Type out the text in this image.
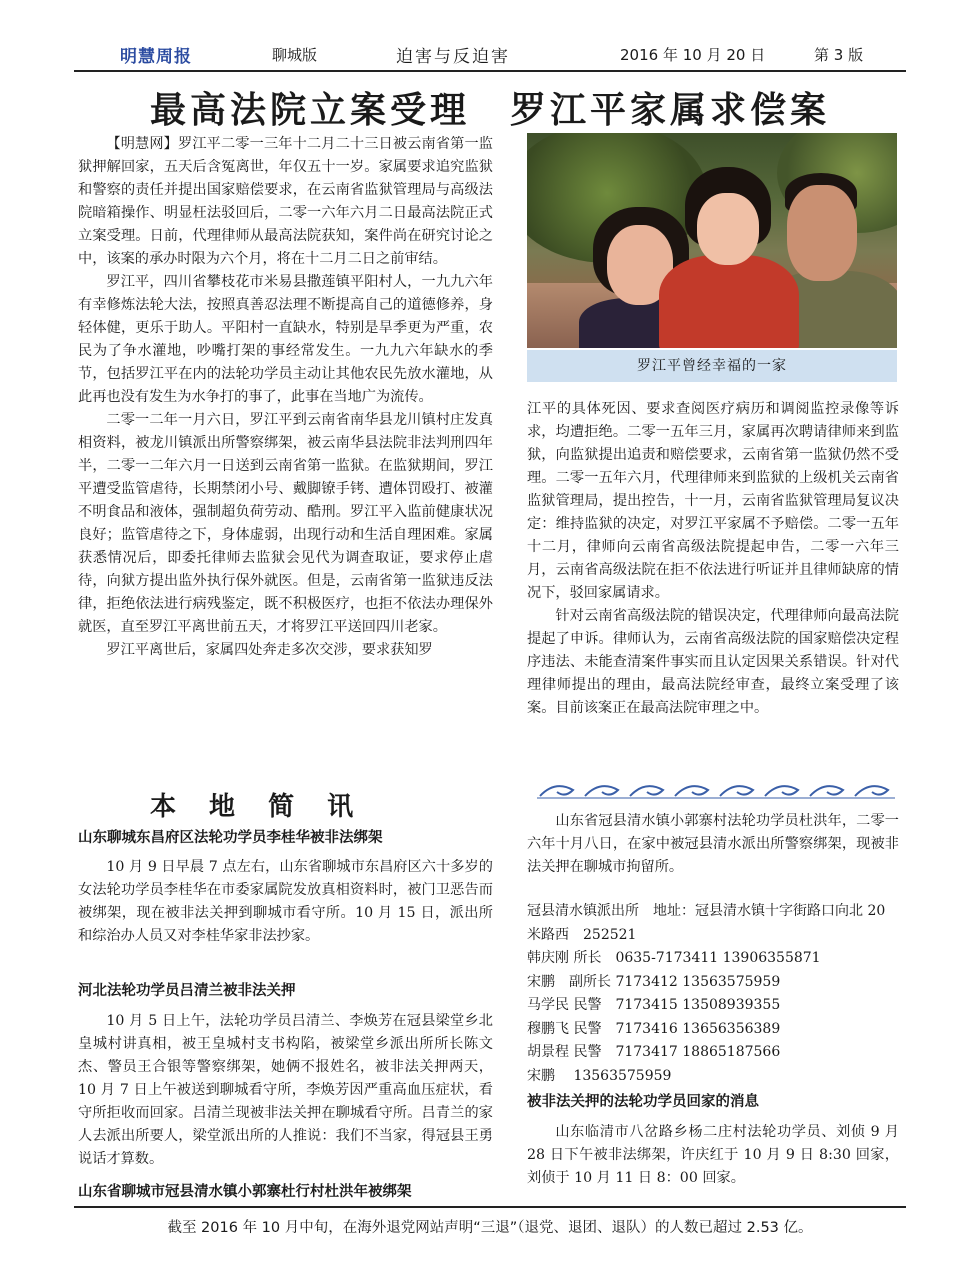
明慧周报	聊城版	迫害与反迫害	2016 年 10 月 20 日	第 3 版
最高法院立案受理　罗江平家属求偿案

【明慧网】罗江平二零一三年十二月二十三日被云南省第一监狱押解回家，五天后含冤离世，年仅五十一岁。家属要求追究监狱和警察的责任并提出国家赔偿要求，在云南省监狱管理局与高级法院暗箱操作、明显枉法驳回后，二零一六年六月二日最高法院正式立案受理。日前，代理律师从最高法院获知，案件尚在研究讨论之中，该案的承办时限为六个月，将在十二月二日之前审结。

罗江平，四川省攀枝花市米易县撒莲镇平阳村人，一九九六年有幸修炼法轮大法，按照真善忍法理不断提高自己的道德修养，身轻体健，更乐于助人。平阳村一直缺水，特别是旱季更为严重，农民为了争水灌地，吵嘴打架的事经常发生。一九九六年缺水的季节，包括罗江平在内的法轮功学员主动让其他农民先放水灌地，从此再也没有发生为水争打的事了，此事在当地广为流传。

二零一二年一月六日，罗江平到云南省南华县龙川镇村庄发真相资料，被龙川镇派出所警察绑架，被云南华县法院非法判刑四年半，二零一二年六月一日送到云南省第一监狱。在监狱期间，罗江平遭受监管虐待，长期禁闭小号、戴脚镣手铐、遭体罚殴打、被灌不明食品和液体，强制超负荷劳动、酷刑。罗江平入监前健康状况良好；监管虐待之下，身体虚弱，出现行动和生活自理困难。家属获悉情况后，即委托律师去监狱会见代为调查取证，要求停止虐待，向狱方提出监外执行保外就医。但是，云南省第一监狱违反法律，拒绝依法进行病残鉴定，既不积极医疗，也拒不依法办理保外就医，直至罗江平离世前五天，才将罗江平送回四川老家。

罗江平离世后，家属四处奔走多次交涉，要求获知罗

罗江平曾经幸福的一家

江平的具体死因、要求查阅医疗病历和调阅监控录像等诉求，均遭拒绝。二零一五年三月，家属再次聘请律师来到监狱，向监狱提出追责和赔偿要求，云南省第一监狱仍然不受理。二零一五年六月，代理律师来到监狱的上级机关云南省监狱管理局，提出控告，十一月，云南省监狱管理局复议决定：维持监狱的决定，对罗江平家属不予赔偿。二零一五年十二月，律师向云南省高级法院提起申告，二零一六年三月，云南省高级法院在拒不依法进行听证并且律师缺席的情况下，驳回家属请求。

针对云南省高级法院的错误决定，代理律师向最高法院提起了申诉。律师认为，云南省高级法院的国家赔偿决定程序违法、未能查清案件事实而且认定因果关系错误。针对代理律师提出的理由，最高法院经审查，最终立案受理了该案。目前该案正在最高法院审理之中。

本 地 简 讯
山东聊城东昌府区法轮功学员李桂华被非法绑架

10 月 9 日早晨 7 点左右，山东省聊城市东昌府区六十多岁的女法轮功学员李桂华在市委家属院发放真相资料时，被门卫恶告而被绑架，现在被非法关押到聊城市看守所。10 月 15 日，派出所和综治办人员又对李桂华家非法抄家。

河北法轮功学员吕清兰被非法关押

10 月 5 日上午，法轮功学员吕清兰、李焕芳在冠县梁堂乡北皇城村讲真相，被王皇城村支书构陷，被梁堂乡派出所所长陈文杰、警员王合银等警察绑架，她俩不报姓名，被非法关押两天，10 月 7 日上午被送到聊城看守所，李焕芳因严重高血压症状，看守所拒收而回家。吕清兰现被非法关押在聊城看守所。吕青兰的家人去派出所要人，梁堂派出所的人推说：我们不当家，得冠县王勇说话才算数。

山东省聊城市冠县清水镇小郭寨杜行村杜洪年被绑架

山东省冠县清水镇小郭寨村法轮功学员杜洪年，二零一六年十月八日，在家中被冠县清水派出所警察绑架，现被非法关押在聊城市拘留所。

冠县清水镇派出所　地址：冠县清水镇十字街路口向北 20 米路西　252521
韩庆刚 所长　0635-7173411 13906355871
宋鹏　副所长 7173412 13563575959
马学民 民警　7173415 13508939355
穆鹏飞 民警　7173416 13656356389
胡景程 民警　7173417 18865187566
宋鹏　 13563575959
被非法关押的法轮功学员回家的消息

山东临清市八岔路乡杨二庄村法轮功学员、刘侦 9 月 28 日下午被非法绑架，许庆红于 10 月 9 日 8:30 回家，刘侦于 10 月 11 日 8：00 回家。

截至 2016 年 10 月中旬，在海外退党网站声明“三退”（退党、退团、退队）的人数已超过 2.53 亿。
